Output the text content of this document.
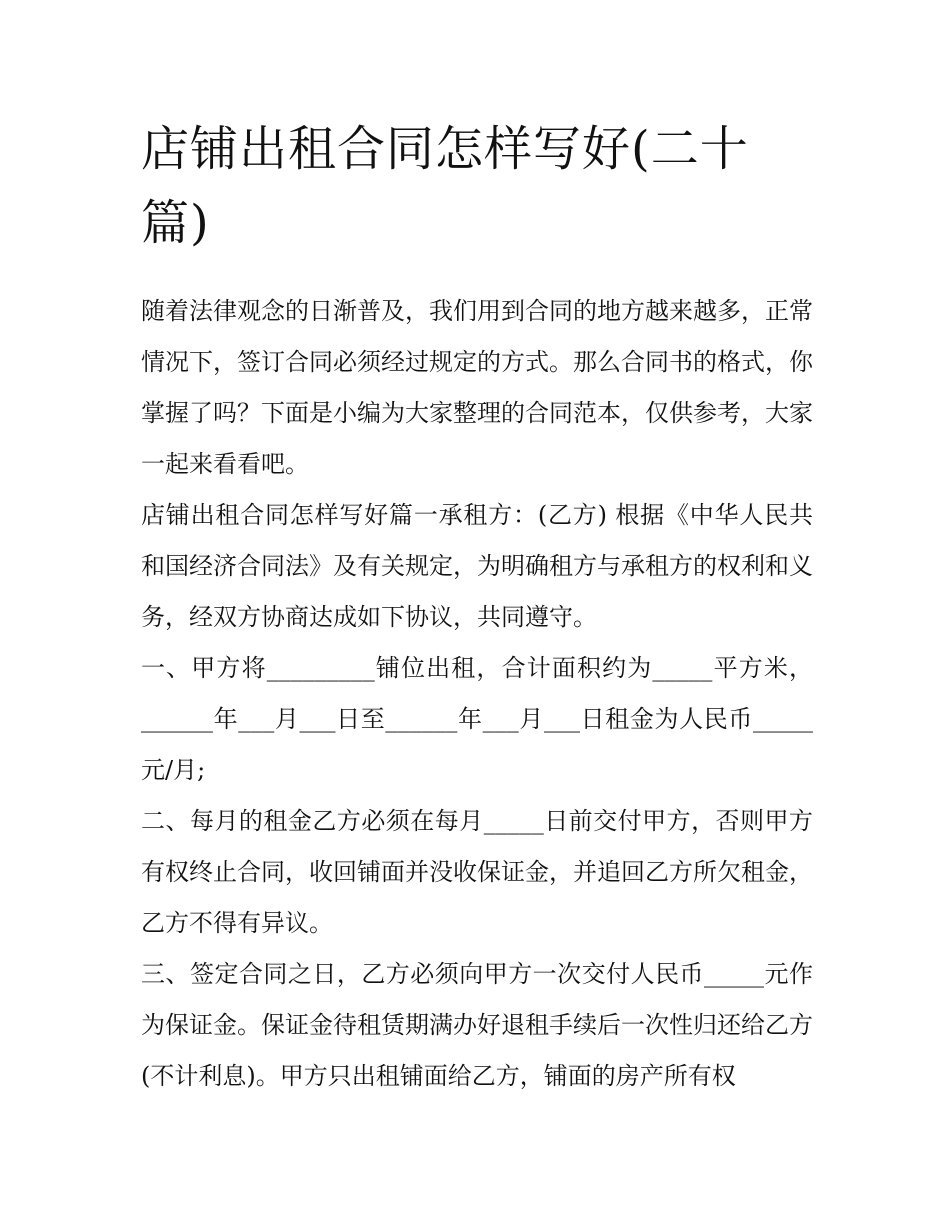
店铺出租合同怎样写好(二十篇)

随着法律观念的日渐普及，我们用到合同的地方越来越多，正常情况下，签订合同必须经过规定的方式。那么合同书的格式，你掌握了吗？下面是小编为大家整理的合同范本，仅供参考，大家一起来看看吧。

店铺出租合同怎样写好篇一承租方：(乙方) 根据《中华人民共和国经济合同法》及有关规定，为明确租方与承租方的权利和义务，经双方协商达成如下协议，共同遵守。

一、甲方将_________铺位出租，合计面积约为_____平方米，______年___月___日至______年___月___日租金为人民币_____元/月;

二、每月的租金乙方必须在每月_____日前交付甲方，否则甲方有权终止合同，收回铺面并没收保证金，并追回乙方所欠租金，乙方不得有异议。

三、签定合同之日，乙方必须向甲方一次交付人民币_____元作为保证金。保证金待租赁期满办好退租手续后一次性归还给乙方(不计利息)。甲方只出租铺面给乙方，铺面的房产所有权
